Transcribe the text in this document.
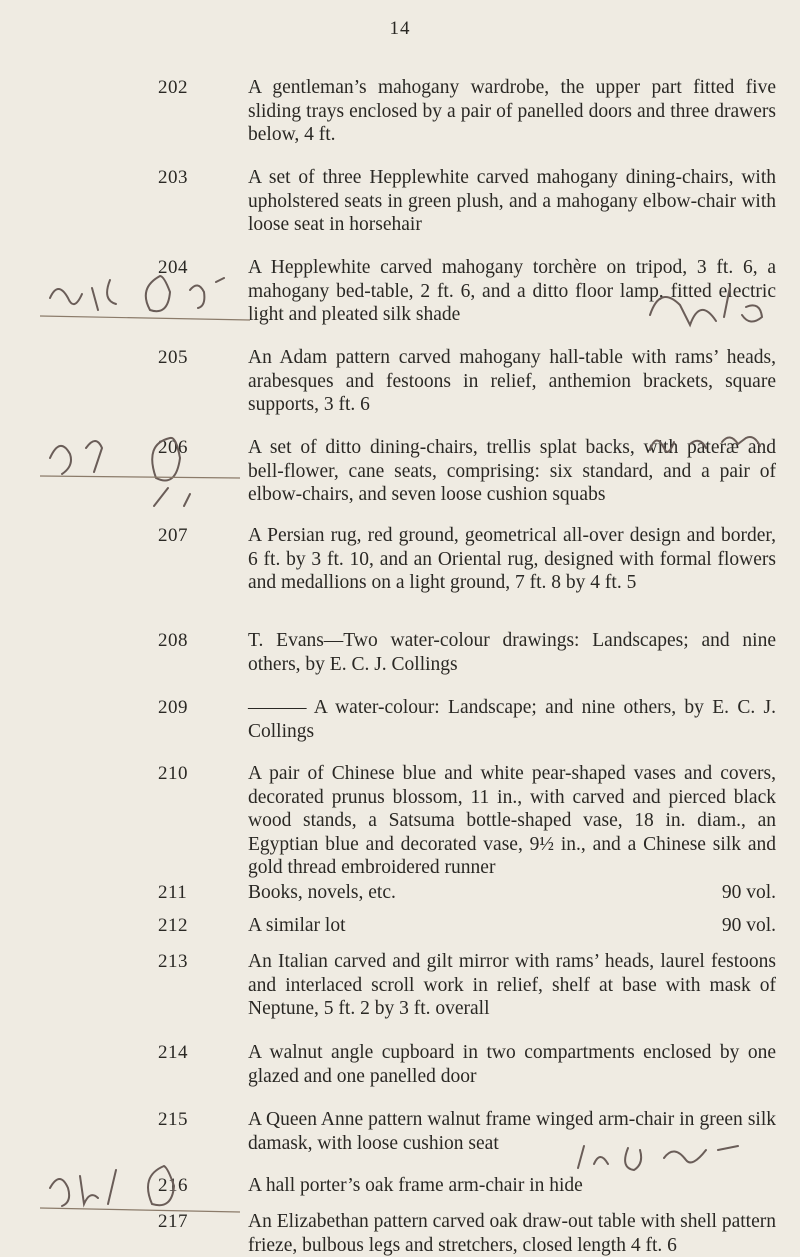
14
202	A gentleman’s mahogany wardrobe, the upper part fitted five sliding trays enclosed by a pair of panelled doors and three drawers below, 4 ft.
203	A set of three Hepplewhite carved mahogany dining-chairs, with upholstered seats in green plush, and a mahogany elbow-chair with loose seat in horsehair
204	A Hepplewhite carved mahogany torchère on tripod, 3 ft. 6, a mahogany bed-table, 2 ft. 6, and a ditto floor lamp, fitted electric light and pleated silk shade
205	An Adam pattern carved mahogany hall-table with rams’ heads, arabesques and festoons in relief, anthemion brackets, square supports, 3 ft. 6
206	A set of ditto dining-chairs, trellis splat backs, with pateræ and bell-flower, cane seats, comprising: six standard, and a pair of elbow-chairs, and seven loose cushion squabs
207	A Persian rug, red ground, geometrical all-over design and border, 6 ft. by 3 ft. 10, and an Oriental rug, designed with formal flowers and medallions on a light ground, 7 ft. 8 by 4 ft. 5
208	T. Evans—Two water-colour drawings: Landscapes; and nine others, by E. C. J. Collings
209	——— A water-colour: Landscape; and nine others, by E. C. J. Collings
210	A pair of Chinese blue and white pear-shaped vases and covers, decorated prunus blossom, 11 in., with carved and pierced black wood stands, a Satsuma bottle-shaped vase, 18 in. diam., an Egyptian blue and decorated vase, 9½ in., and a Chinese silk and gold thread embroidered runner
211	Books, novels, etc.	90 vol.
212	A similar lot	90 vol.
213	An Italian carved and gilt mirror with rams’ heads, laurel festoons and interlaced scroll work in relief, shelf at base with mask of Neptune, 5 ft. 2 by 3 ft. overall
214	A walnut angle cupboard in two compartments enclosed by one glazed and one panelled door
215	A Queen Anne pattern walnut frame winged arm-chair in green silk damask, with loose cushion seat
216	A hall porter’s oak frame arm-chair in hide
217	An Elizabethan pattern carved oak draw-out table with shell pattern frieze, bulbous legs and stretchers, closed length 4 ft. 6
